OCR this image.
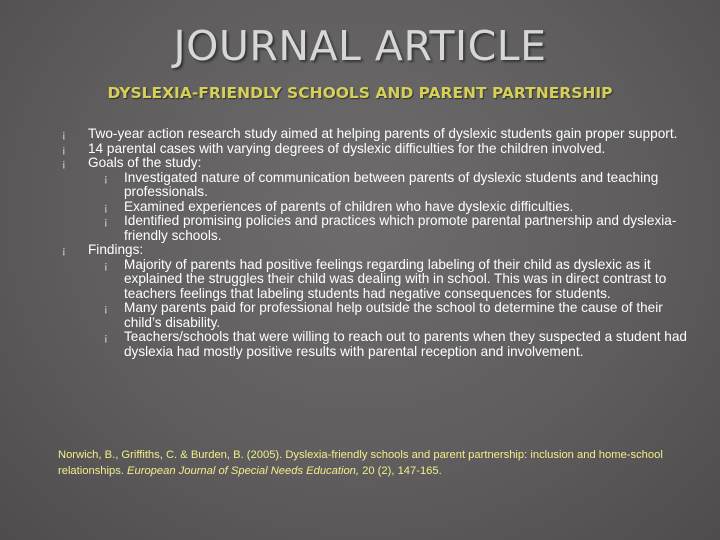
JOURNAL ARTICLE
DYSLEXIA-FRIENDLY SCHOOLS AND PARENT PARTNERSHIP
¡ Two-year action research study aimed at helping parents of dyslexic students gain proper support.
¡ 14 parental cases with varying degrees of dyslexic difficulties for the children involved.
¡ Goals of the study:
¡ Investigated nature of communication between parents of dyslexic students and teaching professionals.
¡ Examined experiences of parents of children who have dyslexic difficulties.
¡ Identified promising policies and practices which promote parental partnership and dyslexia-friendly schools.
¡ Findings:
¡ Majority of parents had positive feelings regarding labeling of their child as dyslexic as it explained the struggles their child was dealing with in school. This was in direct contrast to teachers feelings that labeling students had negative consequences for students.
¡ Many parents paid for professional help outside the school to determine the cause of their child’s disability.
¡ Teachers/schools that were willing to reach out to parents when they suspected a student had dyslexia had mostly positive results with parental reception and involvement.
Norwich, B., Griffiths, C. & Burden, B. (2005). Dyslexia-friendly schools and parent partnership: inclusion and home-school relationships. European Journal of Special Needs Education, 20 (2), 147-165.
